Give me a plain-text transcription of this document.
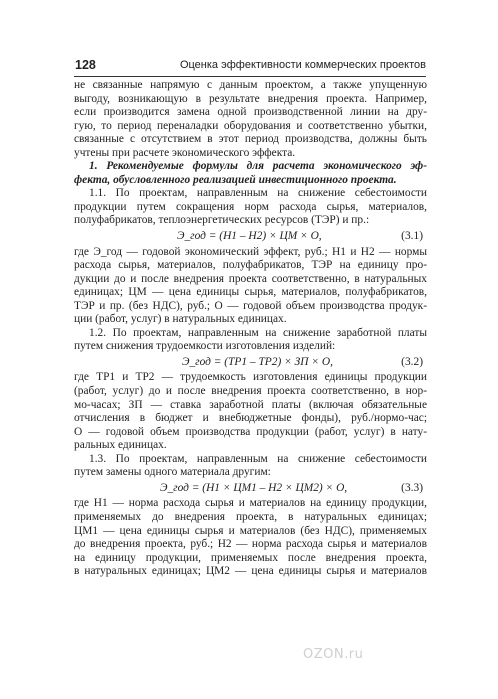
128	Оценка эффективности коммерческих проектов
не связанные напрямую с данным проектом, а также упущенную
выгоду, возникающую в результате внедрения проекта. Например,
если производится замена одной производственной линии на дру-
гую, то период переналадки оборудования и соответственно убытки,
связанные с отсутствием в этот период производства, должны быть
учтены при расчете экономического эффекта.
1. Рекомендуемые формулы для расчета экономического эф-
фекта, обусловленного реализацией инвестиционного проекта.
1.1. По проектам, направленным на снижение себестоимости
продукции путем сокращения норм расхода сырья, материалов,
полуфабрикатов, теплоэнергетических ресурсов (ТЭР) и пр.:
Э_год = (Н1 – Н2) × ЦМ × О,	(3.1)
где Э_год — годовой экономический эффект, руб.; Н1 и Н2 — нормы
расхода сырья, материалов, полуфабрикатов, ТЭР на единицу про-
дукции до и после внедрения проекта соответственно, в натуральных
единицах; ЦМ — цена единицы сырья, материалов, полуфабрикатов,
ТЭР и пр. (без НДС), руб.; О — годовой объем производства продук-
ции (работ, услуг) в натуральных единицах.
1.2. По проектам, направленным на снижение заработной платы
путем снижения трудоемкости изготовления изделий:
Э_год = (ТР1 – ТР2) × ЗП × О,	(3.2)
где ТР1 и ТР2 — трудоемкость изготовления единицы продукции
(работ, услуг) до и после внедрения проекта соответственно, в нор-
мо-часах; ЗП — ставка заработной платы (включая обязательные
отчисления в бюджет и внебюджетные фонды), руб./нормо-час;
О — годовой объем производства продукции (работ, услуг) в нату-
ральных единицах.
1.3. По проектам, направленным на снижение себестоимости
путем замены одного материала другим:
Э_год = (Н1 × ЦМ1 – Н2 × ЦМ2) × О,	(3.3)
где Н1 — норма расхода сырья и материалов на единицу продукции,
применяемых до внедрения проекта, в натуральных единицах;
ЦМ1 — цена единицы сырья и материалов (без НДС), применяемых
до внедрения проекта, руб.; Н2 — норма расхода сырья и материалов
на единицу продукции, применяемых после внедрения проекта,
в натуральных единицах; ЦМ2 — цена единицы сырья и материалов
OZON.ru
